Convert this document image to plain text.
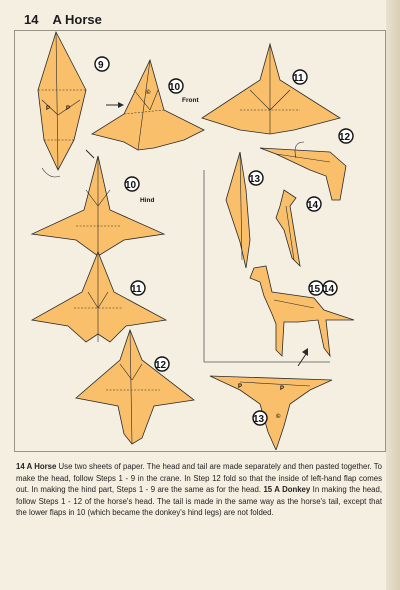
14 A Horse
P	P
9
© 10
Front
11
12
10
Hind
13
14
15 14
11
12
P	P
©
13
14 A Horse Use two sheets of paper. The head and tail are made separately and then pasted together. To make the head, follow Steps 1 - 9 in the crane. In Step 12 fold so that the inside of left-hand flap comes out. In making the hind part, Steps 1 - 9 are the same as for the head. 15 A Donkey In making the head, follow Steps 1 - 12 of the horse's head. The tail is made in the same way as the horse's tail, except that the lower flaps in 10 (which became the donkey's hind legs) are not folded.
